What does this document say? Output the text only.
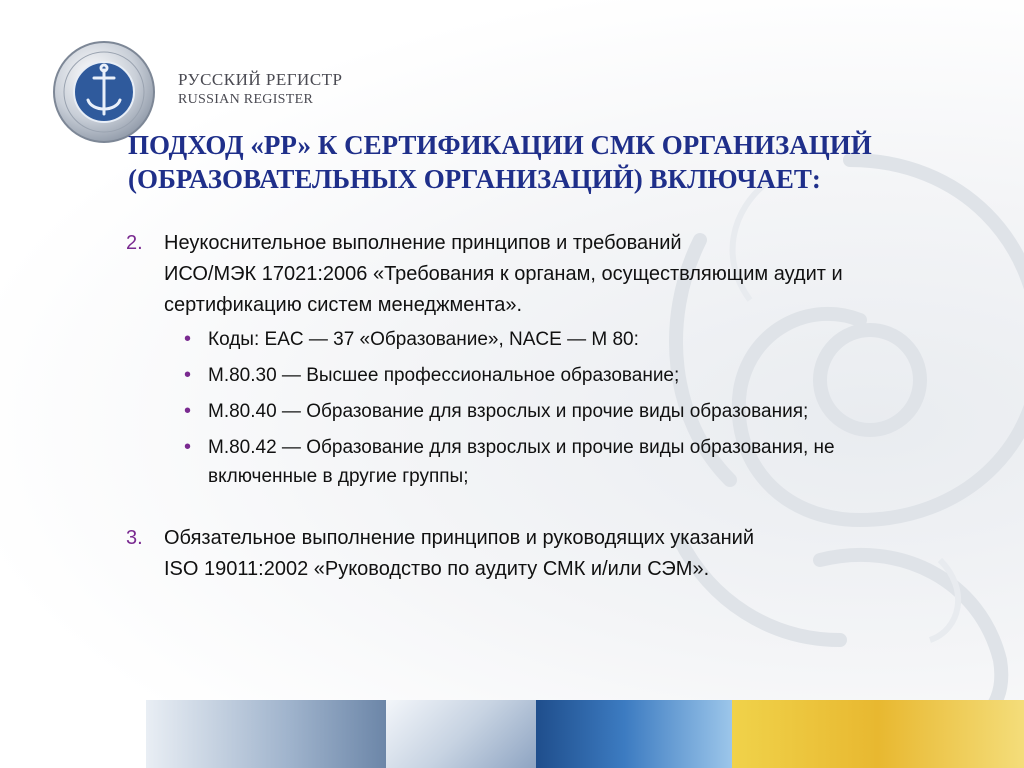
РУССКИЙ РЕГИСТР
RUSSIAN REGISTER
ПОДХОД «РР» К СЕРТИФИКАЦИИ СМК ОРГАНИЗАЦИЙ
(ОБРАЗОВАТЕЛЬНЫХ ОРГАНИЗАЦИЙ) ВКЛЮЧАЕТ:
2. Неукоснительное выполнение принципов и требований
ИСО/МЭК 17021:2006 «Требования к органам, осуществляющим аудит и
сертификацию систем менеджмента».
• Коды: EAC — 37 «Образование», NACE — M 80:
• M.80.30 — Высшее профессиональное образование;
• M.80.40 — Образование для взрослых и прочие виды образования;
• M.80.42 — Образование для взрослых и прочие виды образования, не
включенные в другие группы;
3. Обязательное выполнение принципов и руководящих указаний
ISO 19011:2002 «Руководство по аудиту СМК и/или СЭМ».
